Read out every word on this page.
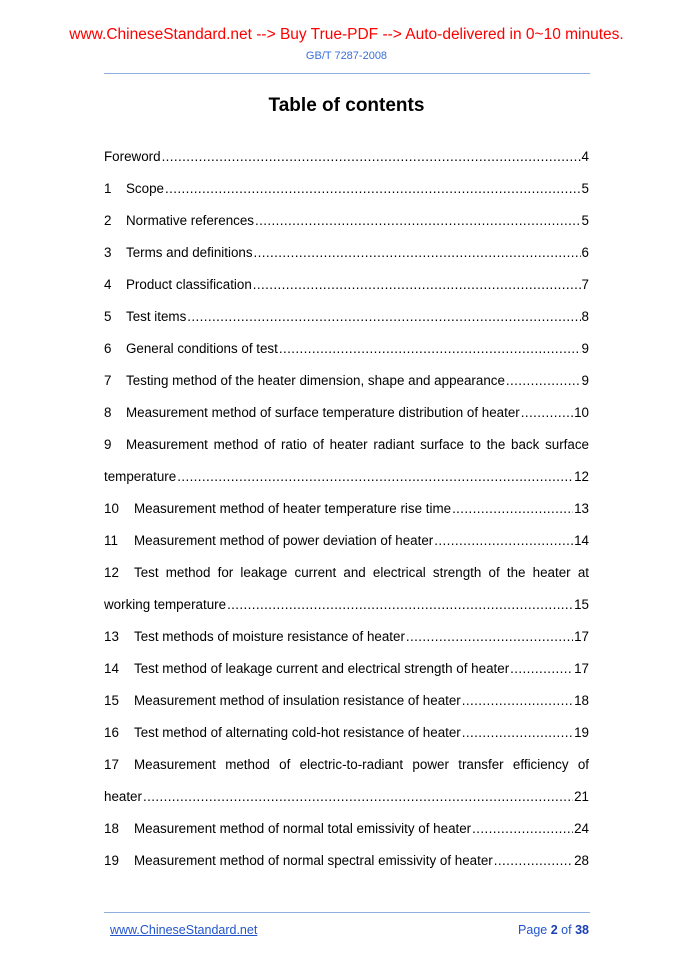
www.ChineseStandard.net --> Buy True-PDF --> Auto-delivered in 0~10 minutes.
GB/T 7287-2008
Table of contents
Foreword .....	4
1	Scope .....	5
2	Normative references .....	5
3	Terms and definitions .....	6
4	Product classification .....	7
5	Test items .....	8
6	General conditions of test .....	9
7	Testing method of the heater dimension, shape and appearance .....	9
8	Measurement method of surface temperature distribution of heater .....	10
9 Measurement method of ratio of heater radiant surface to the back surface
temperature .....	12
10	Measurement method of heater temperature rise time .....	13
11	Measurement method of power deviation of heater .....	14
12 Test method for leakage current and electrical strength of the heater at
working temperature .....	15
13	Test methods of moisture resistance of heater .....	17
14	Test method of leakage current and electrical strength of heater .....	17
15	Measurement method of insulation resistance of heater .....	18
16	Test method of alternating cold-hot resistance of heater .....	19
17 Measurement method of electric-to-radiant power transfer efficiency of
heater .....	21
18	Measurement method of normal total emissivity of heater .....	24
19	Measurement method of normal spectral emissivity of heater .....	28
www.ChineseStandard.net	Page 2 of 38
